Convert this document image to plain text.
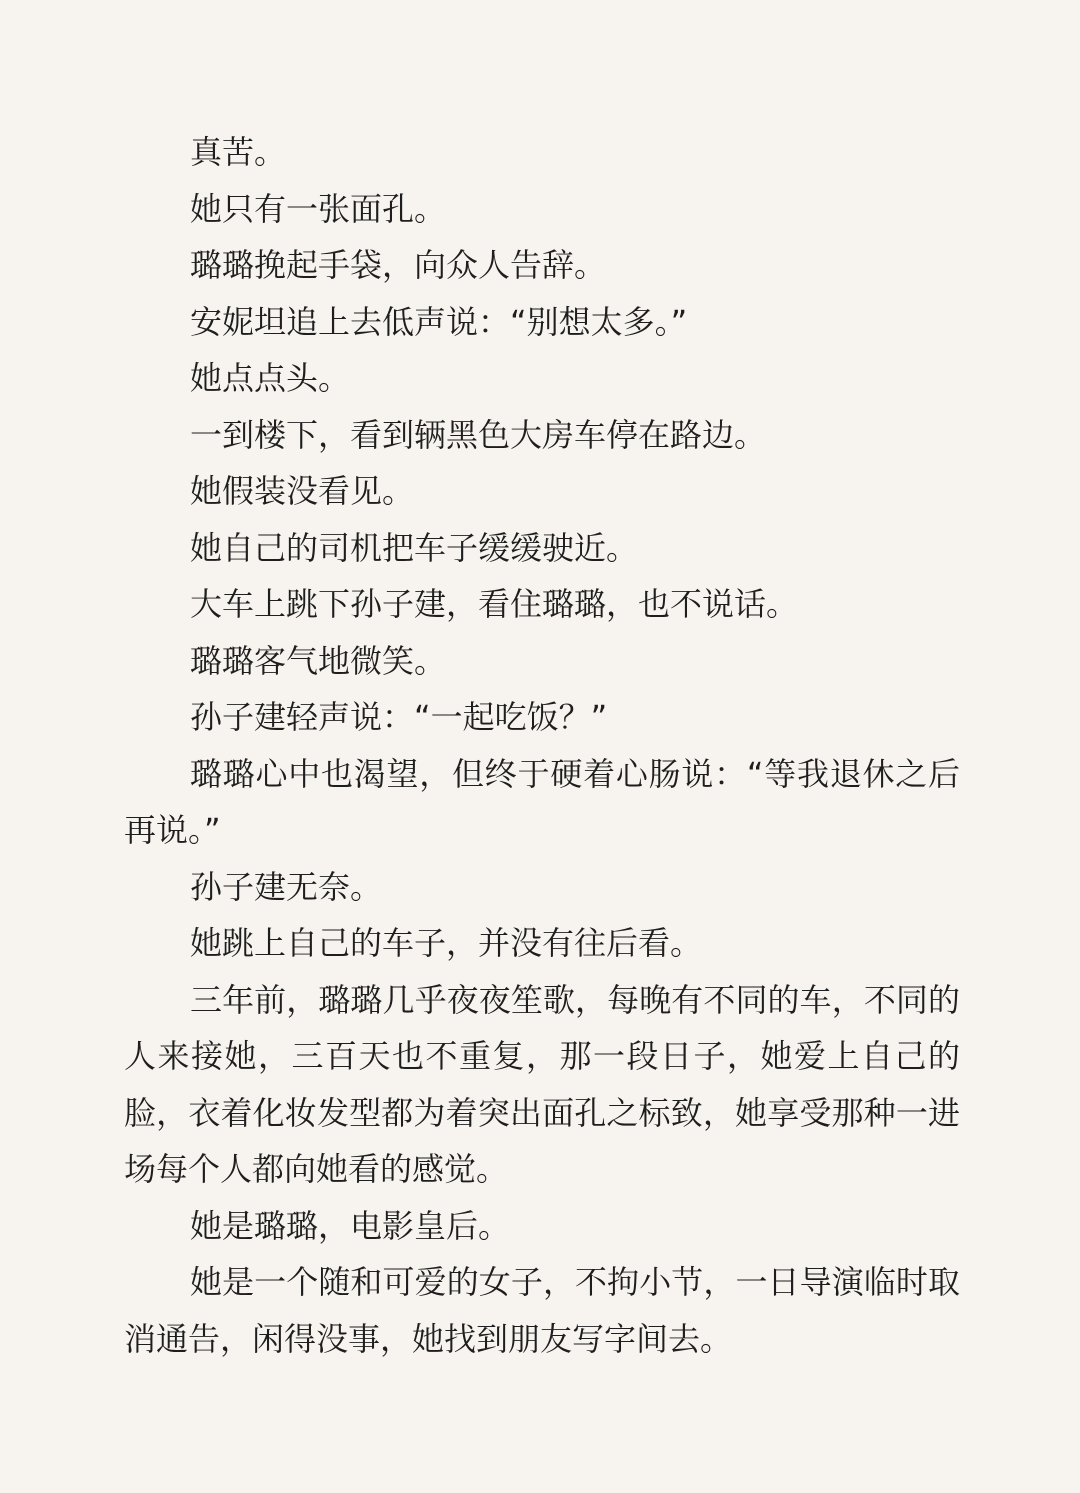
真苦。

她只有一张面孔。

璐璐挽起手袋，向众人告辞。

安妮坦追上去低声说：“别想太多。”

她点点头。

一到楼下，看到辆黑色大房车停在路边。

她假装没看见。

她自己的司机把车子缓缓驶近。

大车上跳下孙子建，看住璐璐，也不说话。

璐璐客气地微笑。

孙子建轻声说：“一起吃饭？”

璐璐心中也渴望，但终于硬着心肠说：“等我退休之后再说。”

孙子建无奈。

她跳上自己的车子，并没有往后看。

三年前，璐璐几乎夜夜笙歌，每晚有不同的车，不同的人来接她，三百天也不重复，那一段日子，她爱上自己的脸，衣着化妆发型都为着突出面孔之标致，她享受那种一进场每个人都向她看的感觉。

她是璐璐，电影皇后。

她是一个随和可爱的女子，不拘小节，一日导演临时取消通告，闲得没事，她找到朋友写字间去。
